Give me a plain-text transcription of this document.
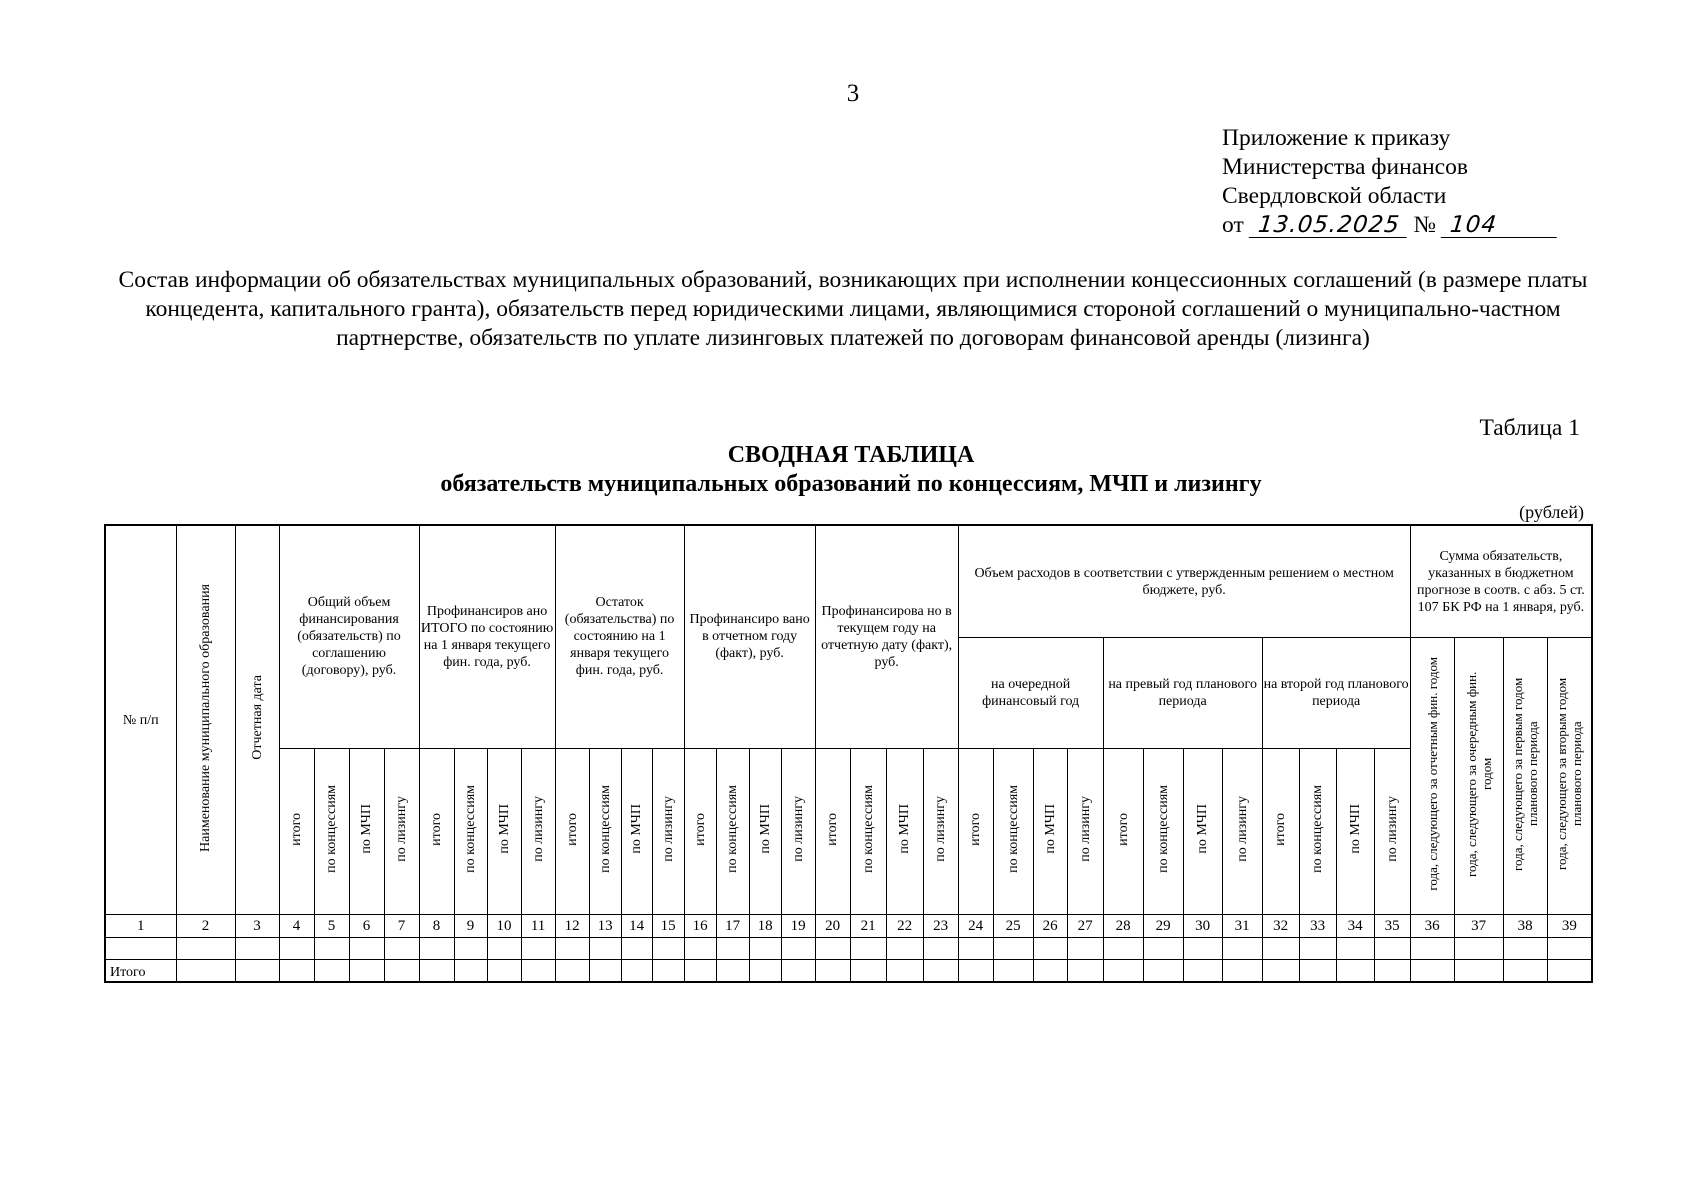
3
Приложение к приказу
Министерства финансов
Свердловской области
от 13.05.2025 № 104
Состав информации об обязательствах муниципальных образований, возникающих при исполнении концессионных соглашений (в размере платы концедента, капитального гранта), обязательств перед юридическими лицами, являющимися стороной соглашений о муниципально-частном партнерстве, обязательств по уплате лизинговых платежей по договорам финансовой аренды (лизинга)
Таблица 1
СВОДНАЯ ТАБЛИЦА
обязательств муниципальных образований по концессиям, МЧП и лизингу
(рублей)
№ п/п	Наименование муниципального образования	Отчетная дата	Общий объем финансирования (обязательств) по соглашению (договору), руб.				Профинансиров ано ИТОГО по состоянию на 1 января текущего фин. года, руб.				Остаток (обязательства) по состоянию на 1 января текущего фин. года, руб.				Профинансиро вано в отчетном году (факт), руб.				Профинансирова но в текущем году на отчетную дату (факт), руб.				Объем расходов в соответствии с утвержденным решением о местном бюджете, руб.												Сумма обязательств, указанных в бюджетном прогнозе в соотв. с абз. 5 ст. 107 БК РФ на 1 января, руб.			
																							на очередной финансовый год				на превый год планового периода				на второй год планового периода				года, следующего за отчетным фин. годом	года, следующего за очередным фин. годом	года, следующего за первым годом планового периода	года, следующего за вторым годом планового периода
			итого	по концессиям	по МЧП	по лизингу	итого	по концессиям	по МЧП	по лизингу	итого	по концессиям	по МЧП	по лизингу	итого	по концессиям	по МЧП	по лизингу	итого	по концессиям	по МЧП	по лизингу	итого	по концессиям	по МЧП	по лизингу	итого	по концессиям	по МЧП	по лизингу	итого	по концессиям	по МЧП	по лизингу				
1	2	3	4	5	6	7	8	9	10	11	12	13	14	15	16	17	18	19	20	21	22	23	24	25	26	27	28	29	30	31	32	33	34	35	36	37	38	39

Итого																																						
